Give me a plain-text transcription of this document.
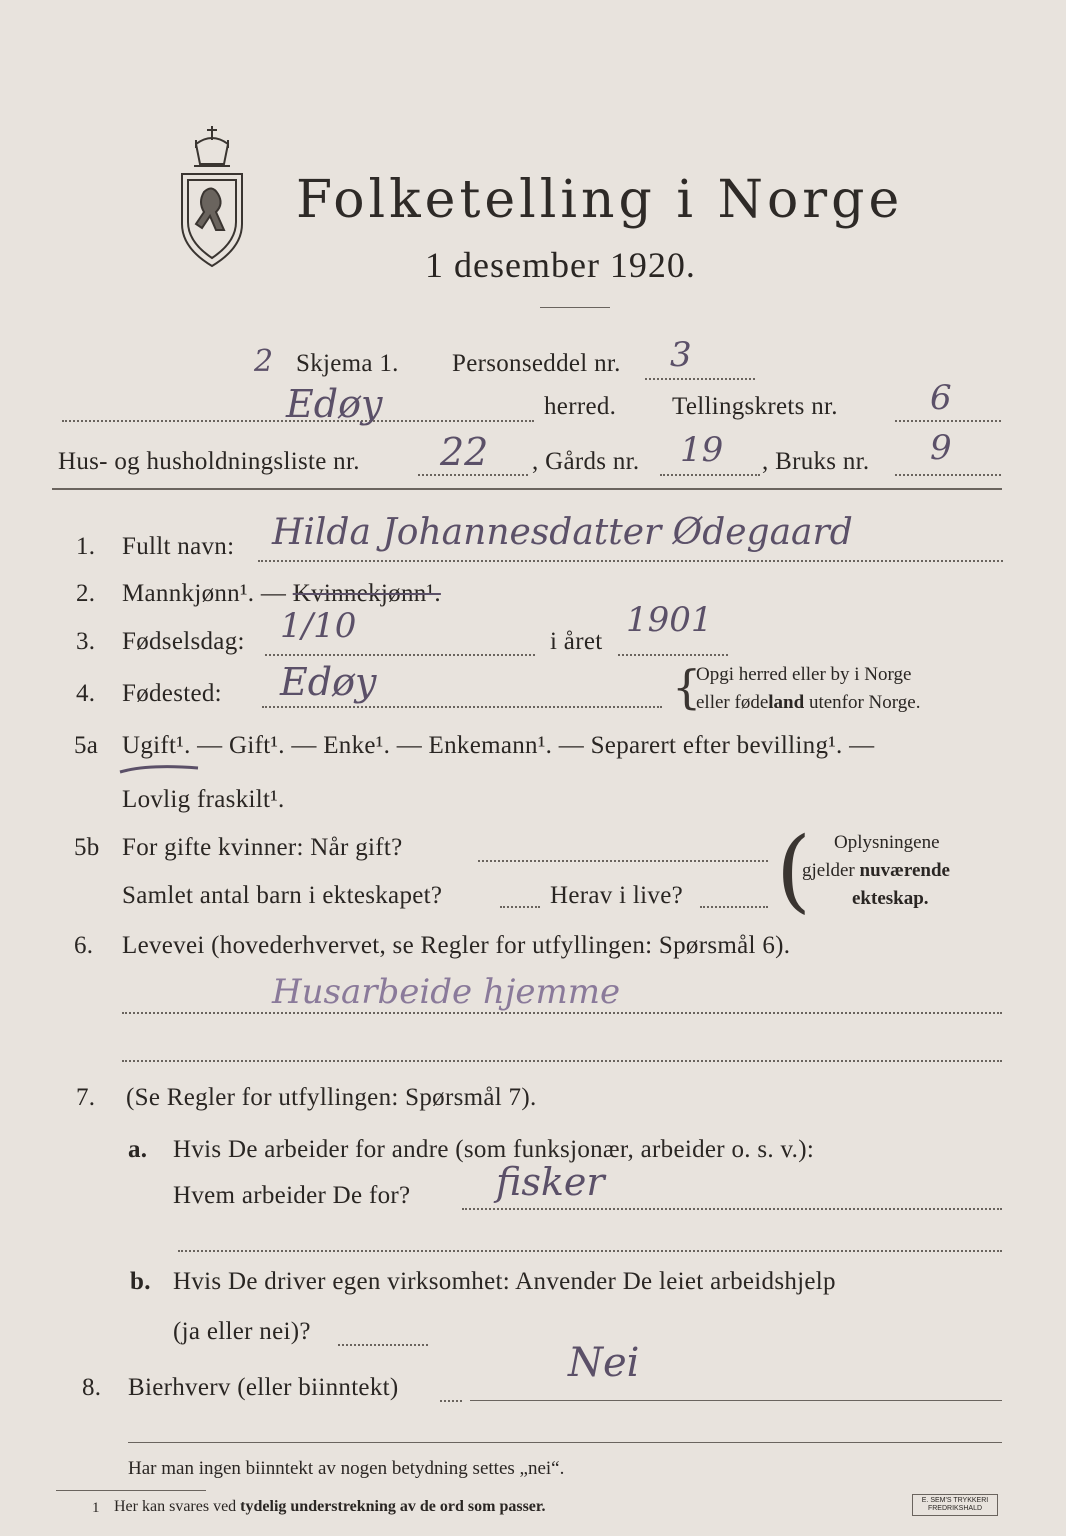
Folketelling i Norge
1 desember 1920.
2 Skjema 1. Personseddel nr. 3
Edøy	herred. Tellingskrets nr.	6
Hus- og husholdningsliste nr. 22 , Gårds nr. 19 , Bruks nr. 9
1. Fullt navn: Hilda Johannesdatter Ødegaard
2. Mannkjønn¹. — Kvinnekjønn¹.
3. Fødselsdag: 1/10	i året
1901
4. Fødested: Edøy	{
Opgi herred eller by i Norge
eller fødeland utenfor Norge.
5a Ugift¹. — Gift¹. — Enke¹. — Enkemann¹. — Separert efter bevilling¹. —
Lovlig fraskilt¹.
5b For gifte kvinner: Når gift?
Samlet antal barn i ekteskapet?	Herav i live? ( Oplysningene
gjelder nuværende
ekteskap.
6. Levevei (hovederhvervet, se Regler for utfyllingen: Spørsmål 6).
Husarbeide hjemme
7. (Se Regler for utfyllingen: Spørsmål 7).
a. Hvis De arbeider for andre (som funksjonær, arbeider o. s. v.):
Hvem arbeider De for? fisker
b. Hvis De driver egen virksomhet: Anvender De leiet arbeidshjelp
(ja eller nei)?
8. Bierhverv (eller biinntekt)
Nei
Har man ingen biinntekt av nogen betydning settes „nei“.
1 Her kan svares ved tydelig understrekning av de ord som passer.	E. SEM'S TRYKKERI
FREDRIKSHALD
